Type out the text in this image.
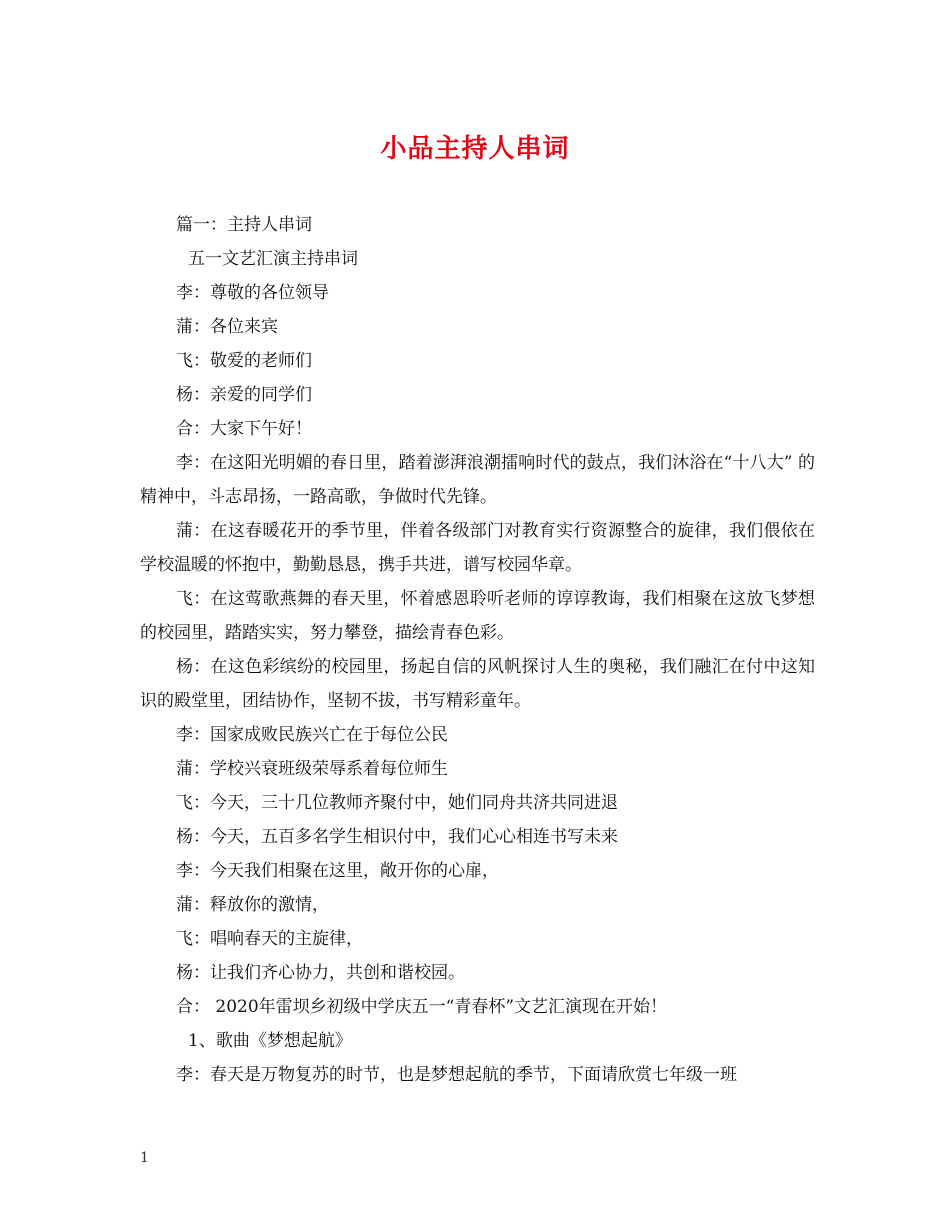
小品主持人串词

篇一：主持人串词

五一文艺汇演主持串词

李：尊敬的各位领导

蒲：各位来宾

飞：敬爱的老师们

杨：亲爱的同学们

合：大家下午好！

李：在这阳光明媚的春日里，踏着澎湃浪潮擂响时代的鼓点，我们沐浴在“十八大” 的精神中，斗志昂扬，一路高歌，争做时代先锋。

蒲：在这春暖花开的季节里，伴着各级部门对教育实行资源整合的旋律，我们偎依在学校温暖的怀抱中，勤勤恳恳，携手共进，谱写校园华章。

飞：在这莺歌燕舞的春天里，怀着感恩聆听老师的谆谆教诲，我们相聚在这放飞梦想的校园里，踏踏实实，努力攀登，描绘青春色彩。

杨：在这色彩缤纷的校园里，扬起自信的风帆探讨人生的奥秘，我们融汇在付中这知识的殿堂里，团结协作，坚韧不拔，书写精彩童年。

李：国家成败民族兴亡在于每位公民

蒲：学校兴衰班级荣辱系着每位师生

飞：今天，三十几位教师齐聚付中，她们同舟共济共同进退

杨：今天，五百多名学生相识付中，我们心心相连书写未来

李：今天我们相聚在这里，敞开你的心扉，

蒲：释放你的激情，

飞：唱响春天的主旋律，

杨：让我们齐心协力，共创和谐校园。

合： 2020年雷坝乡初级中学庆五一“青春杯”文艺汇演现在开始！

1、歌曲《梦想起航》

李：春天是万物复苏的时节，也是梦想起航的季节，下面请欣赏七年级一班

1
